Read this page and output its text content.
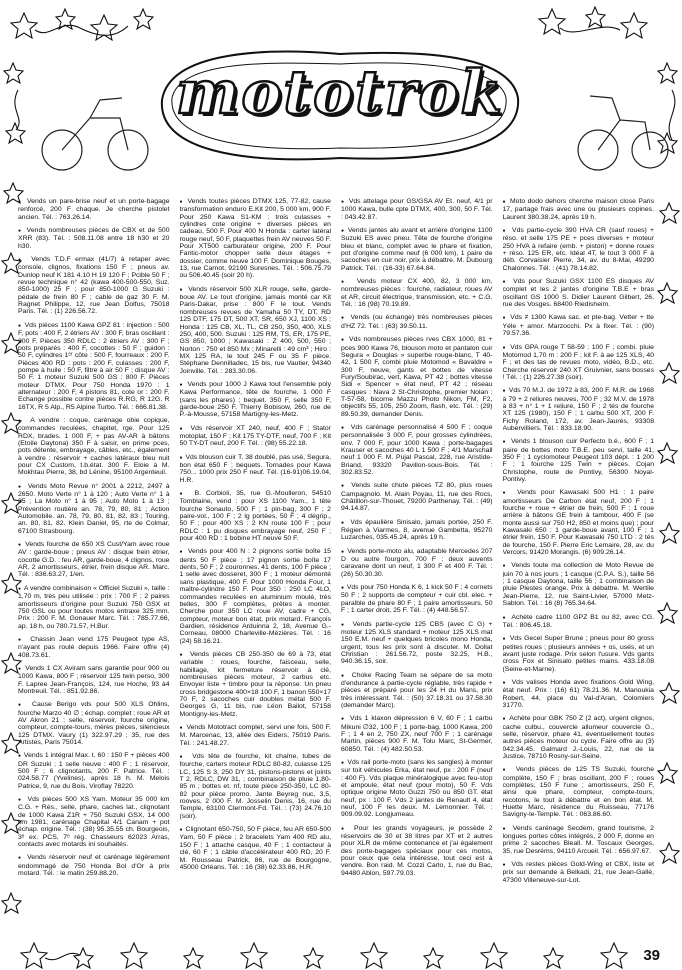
mototrok

●  Vends un pare-brise neuf et un porte-bagage renforcé, 200 F chaque. Je cherche pistolet ancien. Tél. : 763.26.14.

●  Vends nombreuses pièces de CBX et de 500 XRR (83). Tél. : 508.11.08 entre 18 h30 et 20 h30.

●  Vends T.D.F ermax (41/7) à retaper avec console, clignos, fixations 150 F ; pneus av. Dunlop neuf K 181 4.10 H 19 120 F ; Pcible 50 F ; revue technique n° 42 (kawa 400-500-550, Suz. 850-1000) 25 F ; pour 850-1000 G Suzuki : pédale de frein 80 F ; cable de gaz 30 F. M. Ragnet Philippe, 12, rue Jean Dolfus, 75018 Paris. Tél. : (1) 226.56.72.

●  Vds pièces 1100 Kawa GPZ 81 : injection : 500 F, pots : 400 F, 2 étriers AV : 300 F, bras oscillant : 200 F. Pièces 350 RDLC : 2 étriers AV : 300 F ; pots préparés : 400 F, cocottes : 50 F ; guidon : 50 F, cylindres 1ᵉʳ côte : 500 F, fourreaux : 200 F. Pièces 400 RD : pots : 200 F, culasses : 200 F, pompe à huile : 50 F, filtre à air 50 F ; disque AV : 50 F. 1 moteur Suzuki 500 GS : 800 F. Pièces moteur DTMX. Pour 750 Honda 1970 : 1 alternateur : 200 F, 4 pistons 81, cote or : 200 F. Echange possible contre pièces R.RG, R 12G, R 16TX, R 5 Alp., R5 Alpine Turbo. Tél. : 666.81.38.

●  A vendre : coque, carénage obie copique, commandes reculées, chapitet, rge. Pour 125 RDX, brades. 1 000 F, + pas AV-AR à bâtons (Etoile Daytona) 350 F à saisir, en prime pces, pots détente, embrayage, câbles, etc., également à vendre : réservoir + caches latéraux bleu nuit pour CX Custom, t.b.état. 300 F. Eloie à M. Mokhtau Pierre, 38, bd Lénine, 95100 Argenteuil.

●  Vends Moto Revue n° 2001 à 2212, 2497 à 2650. Moto Verte n° 1 à 120 ; Auto Verte n° 1 à 35 ; La Moto n° 1 à 95 ; Auto Moto 1 à 13 ; Prévention routière an. 78, 79, 80, 81 ; Action Automobile. an. 78, 79, 80, 81, 82, 83 ; Touring. an. 80, 81, 82. Klein Daniel, 95, rte de Colmar, 67100 Strasbourg.

●  Vends fourche de 650 XS Cust/Yam avec roue AV : garde-boue ; pneus AV : disque frein étrier, cocotte G.D. : feu AR, garde-boue, 4 clignos, roue AR, 2 amortisseurs, étrier, frein disque AR. Marc. Tél. : 836.63.27, 1/en.

●  A vendre combinaison « Officiel Suzuki », taille : 1,70 m, très peu utilisée : prix : 700 F ; 2 paires amortisseurs d'origine pour Suzuki 750 GSX et 750 GSL ou pour toutes motos entraxe 325 mm. Prix : 200 F. M. Gonauer Marc. Tél. : 785.77.66, ap. 18 h, ou 780.71.57, H.Bur.

●  Chassin Jean vend 175 Peugeot type AS, n'ayant pas roulé depuis 1966. Faire offre (4) 408.73.61.

●  Vends 1 CX Aviram sans garantie pour 900 ou 1000 Kawa, 800 F ; réservoir 125 twin perso, 300 F. Lapree Jean-François, 124, rue Hoche, 93 à4 Montreuil. Tél. : 851.92.86.

●  Cause Berigo vds pour 500 XLS Ohlins, fourche Marzo 40 ∅ ; échap. complet ; roue AR et AV Akron 21 ; selle, réservoir, fourche origine, compteur, compte-tours, mères pièces, silencieux 125 DTMX. Vaury (1) 322.97.29 ; 35, rue des Artistes, Paris 75014.

●  Vends 1 intégral Max. t. 60 : 150 F + pièces 400 DR Suzuki ; 1 selle neuve : 400 F ; 1 réservoir, 500 F ; 6 clignotants, 200 F. Patrice. Tél. : 024.58.77 (Yvelines), après 18 h. M. Melois Patrice, 9, rue du Bois, Viroflay 78220.

●  Vds pièces 500 XS Yam. Moteur 35 000 km C.G. + Rés., selle, phare, caches lat., clignotant de 1000 Kawa Z1R + 750 Suzuki GSX, 14 000 km 1981, carénage Chapital 4/1 Canam + pot échap. origine. Tél. : (38) 95.35.55 ch. Bourgeois, 3ᵉ ex. PCS, 7ᵉ rég. Chasseurs 62023 Arras, contacts avec motards ini souhaités.

●  Vends réservoir neuf et carénage légèrement endommagé de 750 Honda Bol d'Or à prix motard. Tél. : le matin 259.88.20.

●  Vends toutes pièces DTMX 125, 77-82, cause transformation enduro E.Kit 200, 5 000 km, 900 F. Pour 250 Kawa S1-KM : trois culasses + cylindres cote origine + diverses pièces en cadeau, 500 F. Pour 400 N Honda : carter latéral rouge neuf, 50 F, plaquettes frein AV neuves 50 F. Pour XT500 carburateur origine, 200 F. Pour Fantic-motor chopper selle deux étages + dossier, comme neuve 100 F. Dominique Bouges, 13, rue Carnot, 92190 Suresnes. Tél. : 506.75.79 ou 506.40.45 (soir 20 h).

●  Vends réservoir 500 XLR rouge, selle, garde-boue AV. Le tout d'origine, jamais monté car Kit Paris-Dakar, prise : 800 F le tout. Vends nombreuses revues de Yamaha 50 TY, DT, RD 125 DTF, 175 DT, 500 XT, SR, 650 XJ, 1100 XS ; Honda : 125 CB, XL, TL, CB 250, 350, 400, XLS 250, 400, 500. Suzuki : 125 RM, TS, ER, 175 PE, GS 850, 1000 ; Kawasaki : Z 400, 500, 550 ; Norton : 750 et 850 Mx ; Minarelli : 49 cm³ ; Hiro : MX 125 RA, le tout 245 F ou 35 F pièce. Stéphane Dennilladec, 15 bis, rue Vautier, 94340 Joinville. Tél. : 283.30.06.

●  Vends pour 1000 J Kawa tout l'ensemble poly Kawa Performance, tête de fourche, 1 000 F (sans les phares) ; bequet. 350 F, selle 350 F, garde-boue 250 F. Thierry Bobisow, 260, rue de P.-à-Mousse, 57158 Martigny-les-Metz.

●  Vds réservoir XT 240, neuf, 400 F ; Stator motoplat, 150 F ; Kit 175 TY-DTF, neuf, 700 F ; Kit 50 TY-DT neuf, 200 F. Tél. : (98) 55.22.18.

●  Vds blouson cuir T. 38 doublé, pas usé, Segura, bon état 650 F ; bequets. Tornades pour Kawa 750... 1000 prix 250 F neuf. Tél. (16-91)06.19.04, H.R.

●  B. Corbioli, 35, rue G.-Moulleron, 54510 Tomblaine, vend : pour XS 1100 Yam., 1 tête fourche Sonauto, 500 F ; 1 pin-bag, 300 F ; 2 paire-vol., 100 F ; 2 lg portées, 50 F ; 4 dégrip., 50 F ; pour 400 XS : 2 KN route 100 F ; pour RDLC : 1 pu disques embrayage neuf, 250 F ; pour 400 RD : 1 bobine HT neuve 50 F.

●  Vends pour 400 N : 2 pignons sortie boîte 15 dents 50 F pièce ; 17 pignon sortie boîte 17 dents, 50 F ; 2 couronnes, 41 dents, 100 F pièce ; 1 selle avec dosseret, 300 F ; 1 moteur démonté sans plastique, 400 F. Pour 1000 Honda Four, 1 maître-cylindre 150 F. Pour 350 : 250 LC 4LO, commandes reculées en aluminium moulé, très belles, 300 F complètes, prêtes à monter. Cherche pour 350 LC roue AV, cadre + CG, compteur, moteur bon état, prix motard. François Gardien, résidence Arduinna 2, 18, Avenue G.-Corneau, 08000 Charleville-Mézières. Tél. : 16 (24) 58.16.21.

●  Vends pièces CB 250-350 de 69 à 73, état variable : roues, fourche, faisceau, selle, habillage, kit fermeture réservoir à clé, nombreuses pièces moteur, 2 carbus etc. Envoyer liste + timbre pour la réponse. Un pneu cross bridgestone 400×18 100 F, 1 banon 550×17 70 F, 2 sacoches cuir doubles métal 500 F. Georges G, 11 bis, rue Léon Bailot, 57158 Montigny-les-Metz.

●  Vends Mototract complet, servi une fois, 500 F. M. Marcenac, 13, allée des Eiders, 75019 Paris. Tél. : 241.48.27.

●  Vds tête de fourche, kit chaîne, tubes de fourche, carters moteur RDLC 80-82, culasse 125 LC, 125 S 3, 250 DY 31, pistons-pistons et joints T 2, RDLC, DW 31, ; combinaison de pluie 1,80-85 m ; bottes et. nf, toute pièce 250-350, LC 80-82 pour pièce promo. Jante Beyreg nuc, 3,5, rooves, 2 000 F. M. Josselin Denis, 16, rue du Temple, 63100 Clermont-Fd. Tél. : (73) 24.76.10 (soir).

●  Clignotant 650-750, 50 F pièce, feu AR 650-500 Yam, 50 F pièce ; 2 bracelets Yam 400 RD alu, 150 F ; 1 attache casque, 40 F ; 1 contacteur à clé, 60 F ; 1 câble d'accélérateur 400 RD, 20 F. M. Rousseau Patrick, 86, rue de Bourgogne, 45000 Orléans. Tél. : 16 (38) 62.33.86, H.R.

●  Vds attelage pour GS/GSA AV Et. neuf, 4/1 pr 1000 Kawa, bulle cpte DTMX, 400, 300, 50 F. Tél. : 043.42.87.

●  Vends jantes alu avant et arrière d'origine 1100 Suzuki ES avec pneu. Tête de fourche d'origine bleu et blanc, complet avec le phare et fixation, pot d'origine comme neuf (6 000 km), 1 paire de sacoches en cuir noir, prix à débattre. M. Dubourg Patrick. Tél. : (16-33) 67.64.84.

●  Vends moteur CX 400, 82, 3 000 km, nombreuses pièces : fourche, radiateur, roues AV et AR, circuit électrique, transmission, etc. + C.G. Tél. : 16 (98) 70.19.89.

●  Vends (ou échange) très nombreuses pièces d'HZ 72. Tél. : (63) 39.50.11.

●  Vds nombreuses pièces rves CBX 1000, 81 + pces 900 Kawa 76, blouson moto et pantalon cuir Segura « Douglas » superbe rouge-blanc, T 40-42, 1 500 F, combi pluie Motomod « Bavaldre » 300 F, neuve, gants et bottes de vitesse Fury/Soubirac, vert, Kawa, PT 42 ; bottes vitesse Sidi « Spencer » état neuf, PT 42 ; réseau casques : Nava 2 St-Christophe, premier Nolan : T-57-58, bicorne Mazzu Photo Nikon, FM, F2, objectifs 55, 105, 250 Zoom, flash, etc. Tél. : (29) 89.50.39, demander Denis.

●  Vds carénage personnalisé 4 500 F ; coque personnalisée 3 000 F, pour grosses cylindrées, env. 7 000 F, pour 1000 Kawa ; porte-bagages Krauser et sacoches 40 L 1 500 F ; 4/1 Marschall neuf 1 000 F. M. Pujal Pascal, 228, rue Aristide-Briand, 93320 Pavillon-sous-Bois. Tél. : 302.83.52.

●  Vends suite chute pièces TZ 80, plus roues Campagnolo. M. Alain Poyau, 11, rue des Rocs, Châtillon-sur-Thouet, 79200 Parthenay. Tél. : (49) 94.14.87.

●  Vds épaulière Sinisalo, jamais portée, 250 F. Régien à Viarmes, 8, avenue Gambetta, 95270 Luzarches, 035.45.24, après 19 h.

●  Vends porte-moto alu, adaptable Mercedes 207 D ou autre fourgon, 700 F ; deux auvents caravane dont un neuf, 1 300 F et 400 F. Tél. : (26) 50.30.30.

●  Vds pour 750 Honda K 6, 1 kick 50 F ; 4 cornets 50 F ; 2 supports de compteur + cuir cbl. elec. + paralble de phare 80 F ; 1 paire amortisseurs, 50 F ; 1 carter droit, 25 F. Tél. : (4) 448.56.57.

●  Vends partie-cycle 125 CBS (avec C G) + moteur 125 XLS standard + moteur 125 XLS mat 150 E.M. neuf + quelques bricoles mono Honda, urgent, tous les prix sont à discuter. M. Dollat Christian : 261.56.72, poste 32.25, H.B., 940.36.15, soir.

●  Choke Racing Team se sépare de sa moto d'endurance à partie-cycle réglable, très rapide + pièces et préparé pour les 24 H du Mans, prix très intéressant. Tél. : (50) 37.18.31 ou 37.58.30 (demander Marc).

●  Vds 1 klaxon dépression 6 V, 60 F ; 1 carbu Mikuni ∅32, 100 F ; 1 porte-bag. 1000 Kawa, 200 F ; 1 4 en 2, 750 ZX, neuf 700 F ; 1 carénage Martin, pièces 900 F. M. Tolu Marc, St-Germer, 60850. Tél. : (4) 482.50.53.

●  Vds rail porte-moto (sans les sangles) à monter sur toit véhicules Erka, état neuf, px : 200 F (neuf : 400 F). Vds plaque minéralogique avec feu-stop et ampoule, état neuf (pour moto), 50 F. Vds optique origine Moto Guzzi 750 ou 850 GT. état neuf, px : 100 F. Vds 2 jantes de Renault 4, état neuf, 100 F les deux. M. Lemonnier. Tél. : 909.09.92. Longjumeau.

●  Pour les grands voyageurs, je possède 2 réservoirs de 30 et 38 litres par XT et 2 autres pour XLR de même contenance et j'ai également des porte-bagages spéciaux pour ces motos, pour ceux que cela intéresse, tout ceci est à vendre. Bon raid. M. Cozzi Carlo, 1, rue du Bac, 94480 Ablon, 597.79.03.

●  Moto dodo dehors cherche maison close Paris 17, partage frais avec une ou plusieurs copines. Laurent 380.38.24, après 19 h.

●  Vds partie-cycle 390 HVA CR (sauf roues) + réso. et selle 175 PE + pces diverses + moteur 250 HVA à refaire (emb. + piston) + donne roues + réso. 125 ER, etc. Idéal 4T, le tout 3 000 F à déb. Corvaisier Pierre, 34, av. du 8-Mai, 49290 Chalonnes. Tél. : (41) 78.14.82.

●  Vds pour Suzuki GSX 1100 ES disques AV complet et les 2 jantes d'origine T.B.E + bras oscillant GS 1000 S. Didier Laurent Gilbert, 26, rue des Vosges. 68400 Riedisheim.

●  Vds ≠ 1300 Kawa sac. et pte-bag. Vetter + tte Yéle + amor. Marzocchi. Px à fixer. Tél. : (90) 79.57.36.

●  Vds GPA rouge T 58-59 : 100 F ; combi. pluie Motomod 1,70 m : 200 F ; kit F. à ae 125 XLS, 40 F ; et des tas de revues moto, vidéo, B.D., etc. Cherche réservoir 240 XT Gruivnier, sans bosses ! Tél. : (1) 226.27.38 (soir).

●  Vds 70 M.J. de 1972 à 83, 200 F. M.R. de 1968 à 79 + 2 reliures neuves, 700 F ; 32 M.V. de 1978 à 83 + n° 1 + 1 reliure, 150 F ; 2 tés de fourche XT 125 (1980), 150 F ; 1 carbu 500 XT, 200 F. Fichy Roland, 172, av. Jean-Jaurès, 93308 Aubervilliers. Tél. : 833.18.90.

●  Vends 1 blouson cuir Perfecto b.é., 600 F ; 1 paire de bottes moto T.B.E. peu servi, taille 41, 350 F ; 1 cyclomoteur Peugeot 103 dépl. : 1 200 F ; 1 fourche 125 Twin + pièces. Cojan Christophe, route de Pontivy, 56300 Noyal-Pontivy.

●  Vends pour Kawasaki 500 H1 : 1 paire amortisseurs De Carbon état neuf, 200 F ; 1 fourche + roue + étrier de frein, 500 F ; 1 roue arrière à bâtons GE frein à tambour, 400 F (se monte aussi sur 750 H2, 850 et moins que) ; pour Kawasaki 650 : 1 garde-boue avant, 100 F ; 1 étrier frein, 150 F. Pour Kawasaki 750 LTD : 2 tés de fourche, 150 F. Pierre Eric Lemaire, 28, av. du Vercors, 91420 Morangis. (6) 909.26.14.

●  Vends toute ma collection de Moto Revue de juin 70 à nos jours ; 1 casque (C.P.A. S.), taille 56 ; 1 casque Daytona, taille 56 ; 1 combinaison de pluie Plestes orange. Prix à débattre. M. Wertile Jean-Pierre, 12, rue Saint-Livier, 57000 Metz-Sablon. Tél. : 16 (8) 765.34.64.

●  Achète cadre 1100 GPZ B1 ou 82, avec CG. Tél. : 806.45.18.

●  Vds Gecel Super Brune ; pneus pour 80 gross petites roues ; plusieurs années + os, usés, et un avant juste rodage. Prix selon l'usure. Vds gants cross Fox et Sinisalo petites mains. 433.18.08 (Seine-et-Marne).

●  Vds valises Honda avec fixations Gold Wing, état neuf. Prix : (16) 61) 78.21.36. M. Manoukia Robert, 44, place du Val-d'Aran, Colomiers 31770.

●  Achète pour GBK 750 Z (2 act), urgent clignos, cache culbu., couvercle allumeur couvercle G., selle, réservoir, phare 41, éventuellement toutes autres pièces moteur ou cycle. Faire offre au (3) 042.34.45. Galmard J.-Louis, 22, rue de la Justice, 78710 Rosny-sur-Seine.

●  Vends pièces de 125 TS Suzuki, fourche complète, 150 F ; bras oscillant, 200 F ; roues complètes, 150 F l'une ; amortisseurs, 250 F, ainsi que phare, compteur, compte-tours, recotons, le tout à débattre et en bon état. M. Huette Marc, résidence du Ruisseau, 77176 Savigny-le-Temple. Tél. : 063.86.60.

●  Vends carénage Secdem, grand tourisme, 2 longues portes côtes intégrés, 2 000 F, donne en prime 2 sacoches Bleall. M. Toscaux Georges, 35, rue Desréms, 94110 Arcueil. Tél. : 656.97.67.

●  Vds restes pièces Gold-Wing et CBX, liste et prix sur demande à Belkadi, 21, rue Jean-Gallé, 47300 Villeneuve-sur-Lot.

39
